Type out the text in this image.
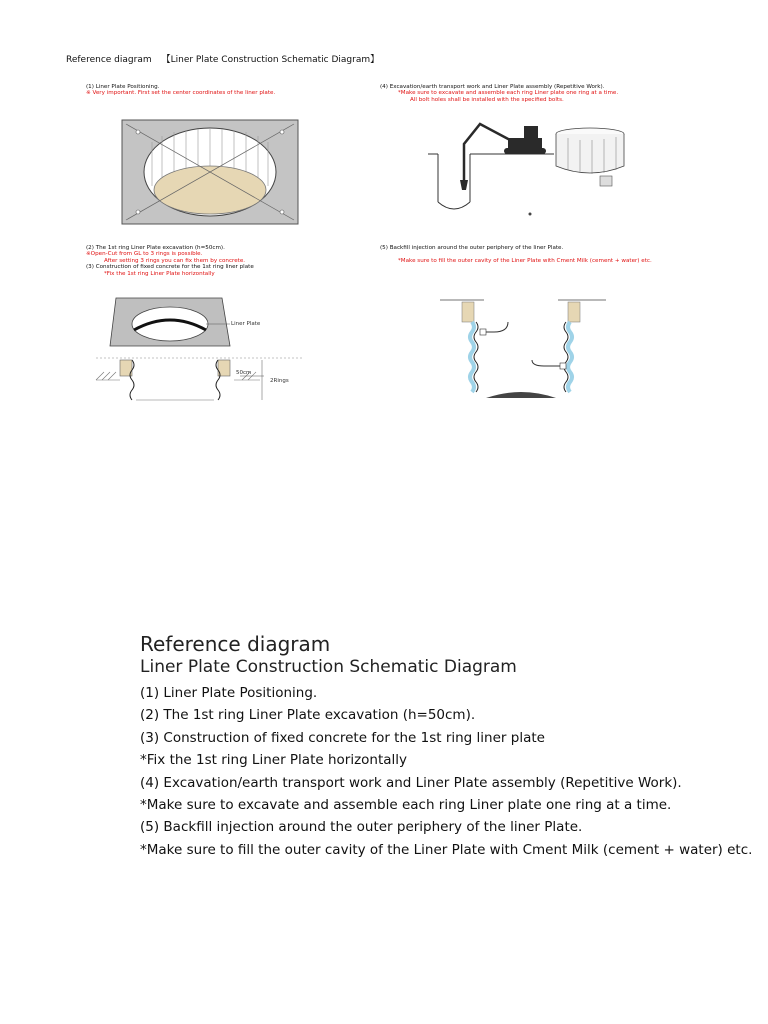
Reference diagram 【Liner Plate Construction Schematic Diagram】
(1) Liner Plate Positioning.
※ Very important. First set the center coordinates of the liner plate.
(2) The 1st ring Liner Plate excavation (h=50cm).
※Open-Cut from GL to 3 rings is possible.
After setting 3 rings you can fix them by concrete.
(3) Construction of fixed concrete for the 1st ring liner plate
*Fix the 1st ring Liner Plate horizontally
Liner Plate
50cm
2Rings
(4) Excavation/earth transport work and Liner Plate assembly (Repetitive Work).
*Make sure to excavate and assemble each ring Liner plate one ring at a time.
All bolt holes shall be installed with the specified bolts.
(5) Backfill injection around the outer periphery of the liner Plate.

*Make sure to fill the outer cavity of the Liner Plate with Cment Milk (cement + water) etc.
Reference diagram
Liner Plate Construction Schematic Diagram
(1) Liner Plate Positioning.
(2) The 1st ring Liner Plate excavation (h=50cm).
(3) Construction of fixed concrete for the 1st ring liner plate
*Fix the 1st ring Liner Plate horizontally
(4) Excavation/earth transport work and Liner Plate assembly (Repetitive Work).
*Make sure to excavate and assemble each ring Liner plate one ring at a time.
(5) Backfill injection around the outer periphery of the liner Plate.
*Make sure to fill the outer cavity of the Liner Plate with Cment Milk (cement + water) etc.
